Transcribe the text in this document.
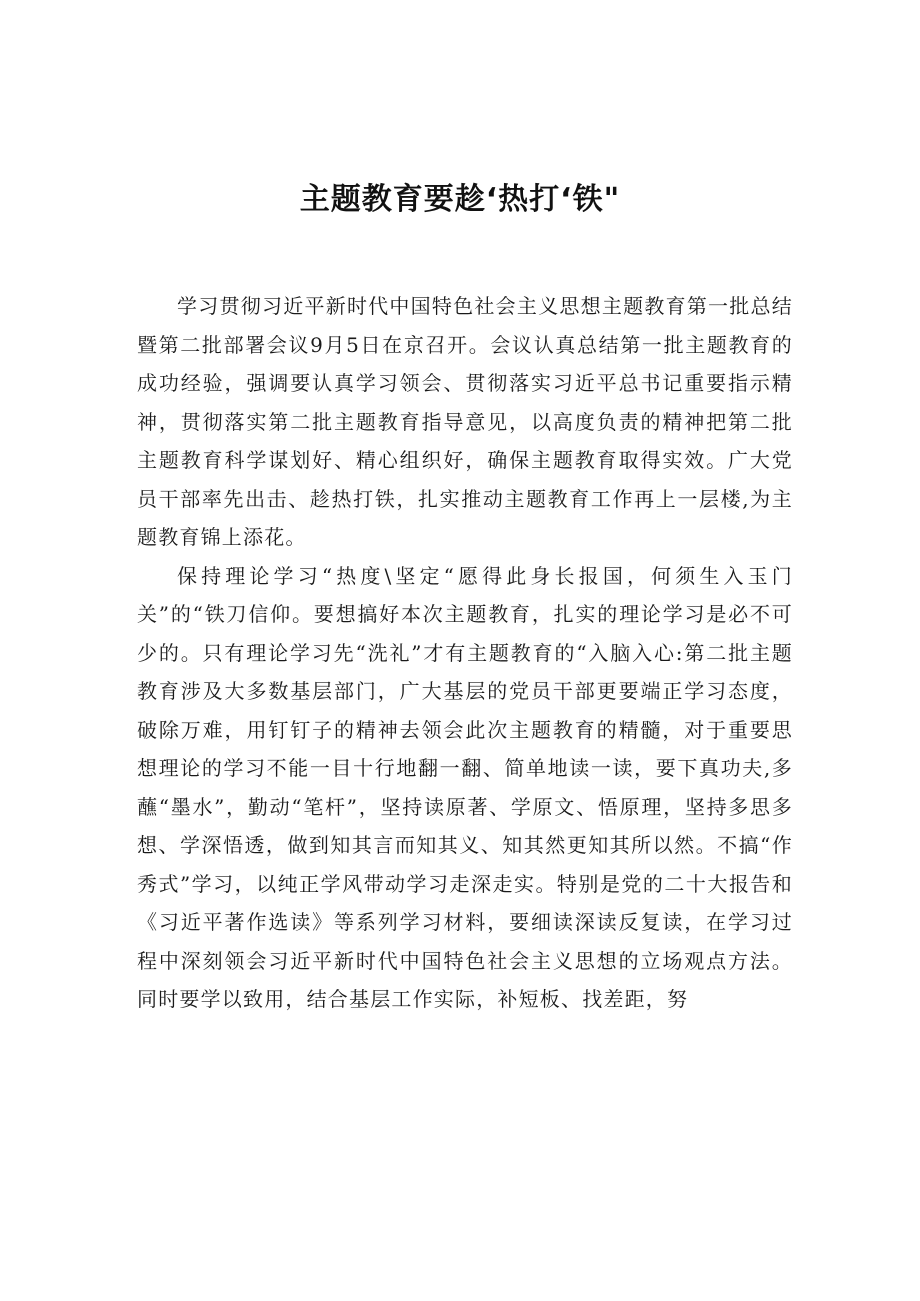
主题教育要趁‘热打‘铁"

学习贯彻习近平新时代中国特色社会主义思想主题教育第一批总结暨第二批部署会议9月5日在京召开。会议认真总结第一批主题教育的成功经验，强调要认真学习领会、贯彻落实习近平总书记重要指示精神，贯彻落实第二批主题教育指导意见，以高度负责的精神把第二批主题教育科学谋划好、精心组织好，确保主题教育取得实效。广大党员干部率先出击、趁热打铁，扎实推动主题教育工作再上一层楼,为主题教育锦上添花。

保持理论学习“热度\坚定“愿得此身长报国，何须生入玉门关”的“铁刀信仰。要想搞好本次主题教育，扎实的理论学习是必不可少的。只有理论学习先“洗礼”才有主题教育的“入脑入心:第二批主题教育涉及大多数基层部门，广大基层的党员干部更要端正学习态度，破除万难，用钉钉子的精神去领会此次主题教育的精髓，对于重要思想理论的学习不能一目十行地翻一翻、简单地读一读，要下真功夫,多蘸“墨水”，勤动“笔杆”，坚持读原著、学原文、悟原理，坚持多思多想、学深悟透，做到知其言而知其义、知其然更知其所以然。不搞“作秀式”学习，以纯正学风带动学习走深走实。特别是党的二十大报告和《习近平著作选读》等系列学习材料，要细读深读反复读，在学习过程中深刻领会习近平新时代中国特色社会主义思想的立场观点方法。同时要学以致用，结合基层工作实际，补短板、找差距，努
